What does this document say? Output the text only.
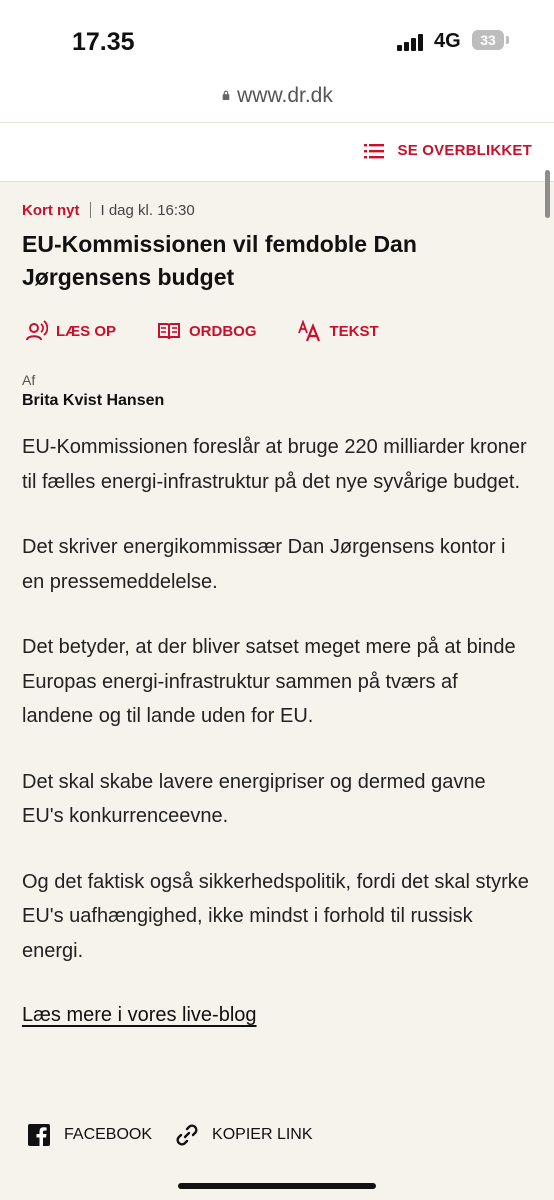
17.35	4G	33
www.dr.dk
SE OVERBLIKKET
Kort nyt I dag kl. 16:30
EU-Kommissionen vil femdoble Dan Jørgensens budget
LÆS OP	ORDBOG	TEKST
Af
Brita Kvist Hansen

EU-Kommissionen foreslår at bruge 220 milliarder kroner til fælles energi-infrastruktur på det nye syvårige budget.

Det skriver energikommissær Dan Jørgensens kontor i en pressemeddelelse.

Det betyder, at der bliver satset meget mere på at binde Europas energi-infrastruktur sammen på tværs af landene og til lande uden for EU.

Det skal skabe lavere energipriser og dermed gavne EU's konkurrenceevne.

Og det faktisk også sikkerhedspolitik, fordi det skal styrke EU's uafhængighed, ikke mindst i forhold til russisk energi.

Læs mere i vores live-blog
FACEBOOK	KOPIER LINK
